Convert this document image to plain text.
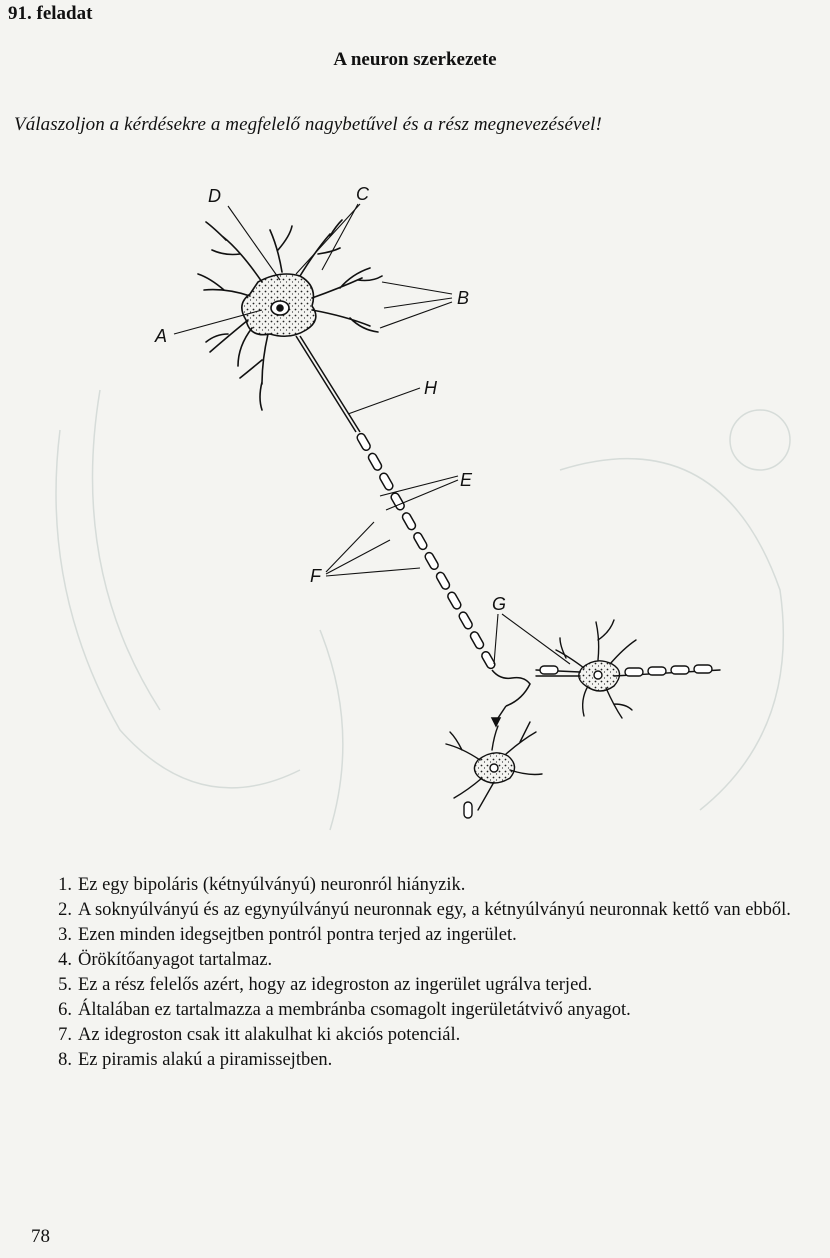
91. feladat
A neuron szerkezete
Válaszoljon a kérdésekre a megfelelő nagybetűvel és a rész megnevezésével!
D	C
B
A
H
E
F
G
1. Ez egy bipoláris (kétnyúlványú) neuronról hiányzik.
2. A soknyúlványú és az egynyúlványú neuronnak egy, a kétnyúlványú neuronnak kettő van ebből.
3. Ezen minden idegsejtben pontról pontra terjed az ingerület.
4. Örökítőanyagot tartalmaz.
5. Ez a rész felelős azért, hogy az idegroston az ingerület ugrálva terjed.
6. Általában ez tartalmazza a membránba csomagolt ingerületátvivő anyagot.
7. Az idegroston csak itt alakulhat ki akciós potenciál.
8. Ez piramis alakú a piramissejtben.
78
